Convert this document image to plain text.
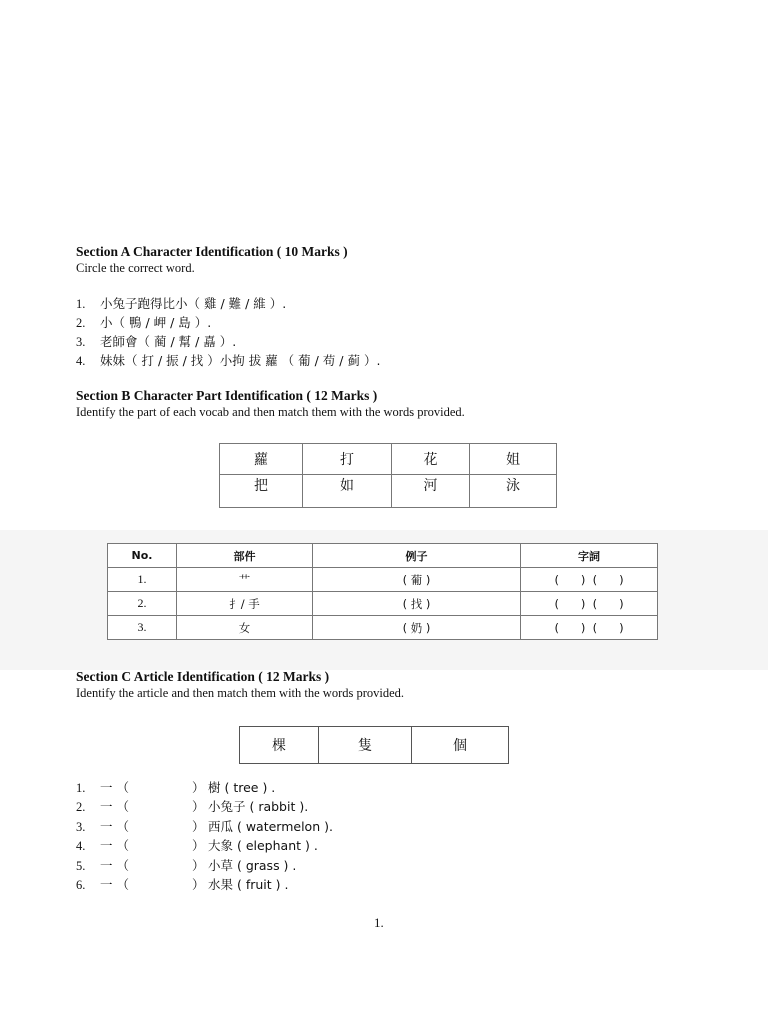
Section A Character Identification ( 10 Marks )
Circle the correct word.
1. 小兔子跑得比小（ 雞 / 難 / 維 ）.
2. 小（ 鴨 / 岬 / 島 ）.
3. 老師會（ 蔺 / 幫 / 嚞 ）.
4. 妹妹（ 打 / 振 / 找 ）小拘 拔 蘿 （ 葡 / 苟 / 蓟 ）.
Section B Character Part Identification ( 12 Marks )
Identify the part of each vocab and then match them with the words provided.
蘿	打	花	姐
把	如	河	泳
No.	部件	例子	字詞
1.	艹	( 葡 )	(      )  (      )
2.	扌/ 手	( 找 )	(      )  (      )
3.	女	( 奶 )	(      )  (      )
Section C Article Identification ( 12 Marks )
Identify the article and then match them with the words provided.
棵	隻	個
1. 一 （	） 樹 ( tree ) .
2. 一 （	） 小兔子 ( rabbit ).
3. 一 （	） 西瓜 ( watermelon ).
4. 一 （	） 大象 ( elephant ) .
5. 一 （	） 小草 ( grass ) .
6. 一 （	） 水果 ( fruit ) .
1.
